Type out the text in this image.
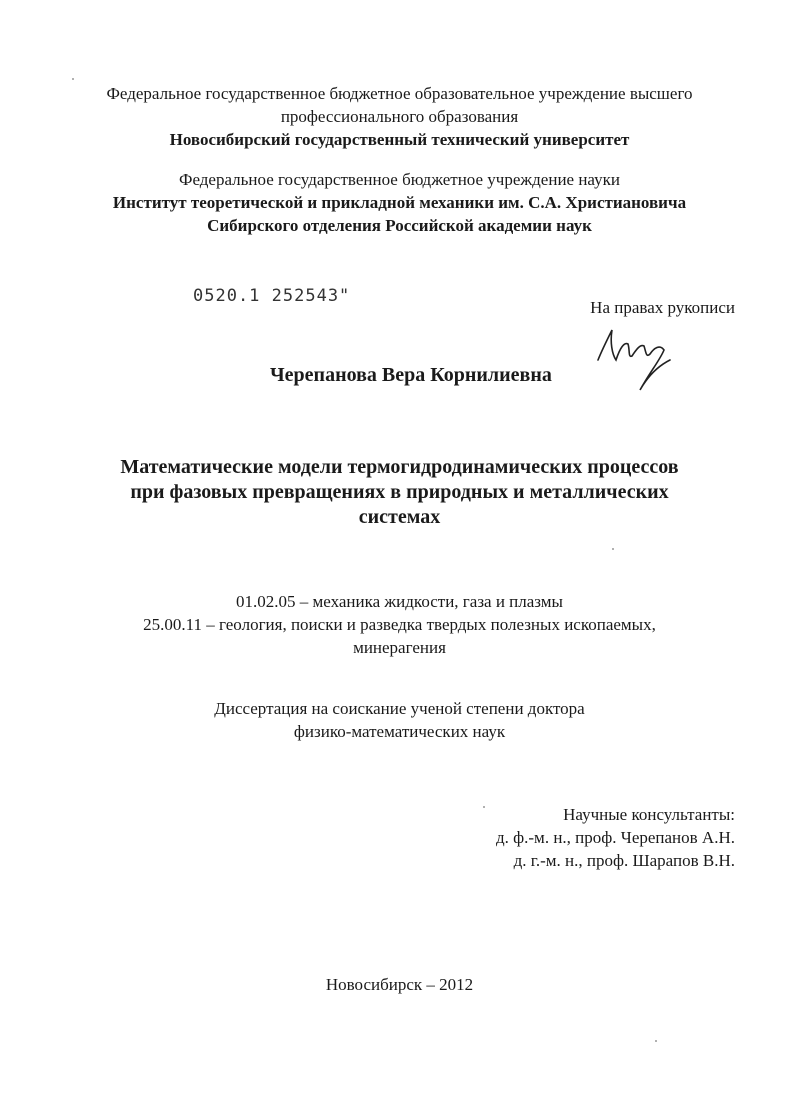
Федеральное государственное бюджетное образовательное учреждение высшего
профессионального образования
Новосибирский государственный технический университет
Федеральное государственное бюджетное учреждение науки
Институт теоретической и прикладной механики им. С.А. Христиановича
Сибирского отделения Российской академии наук
0520.1 252543"
На правах рукописи
Черепанова Вера Корнилиевна
Математические модели термогидродинамических процессов
при фазовых превращениях в природных и металлических
системах
01.02.05 – механика жидкости, газа и плазмы
25.00.11 – геология, поиски и разведка твердых полезных ископаемых,
минерагения
Диссертация на соискание ученой степени доктора
физико-математических наук
Научные консультанты:
д. ф.-м. н., проф. Черепанов А.Н.
д. г.-м. н., проф. Шарапов В.Н.
Новосибирск – 2012
